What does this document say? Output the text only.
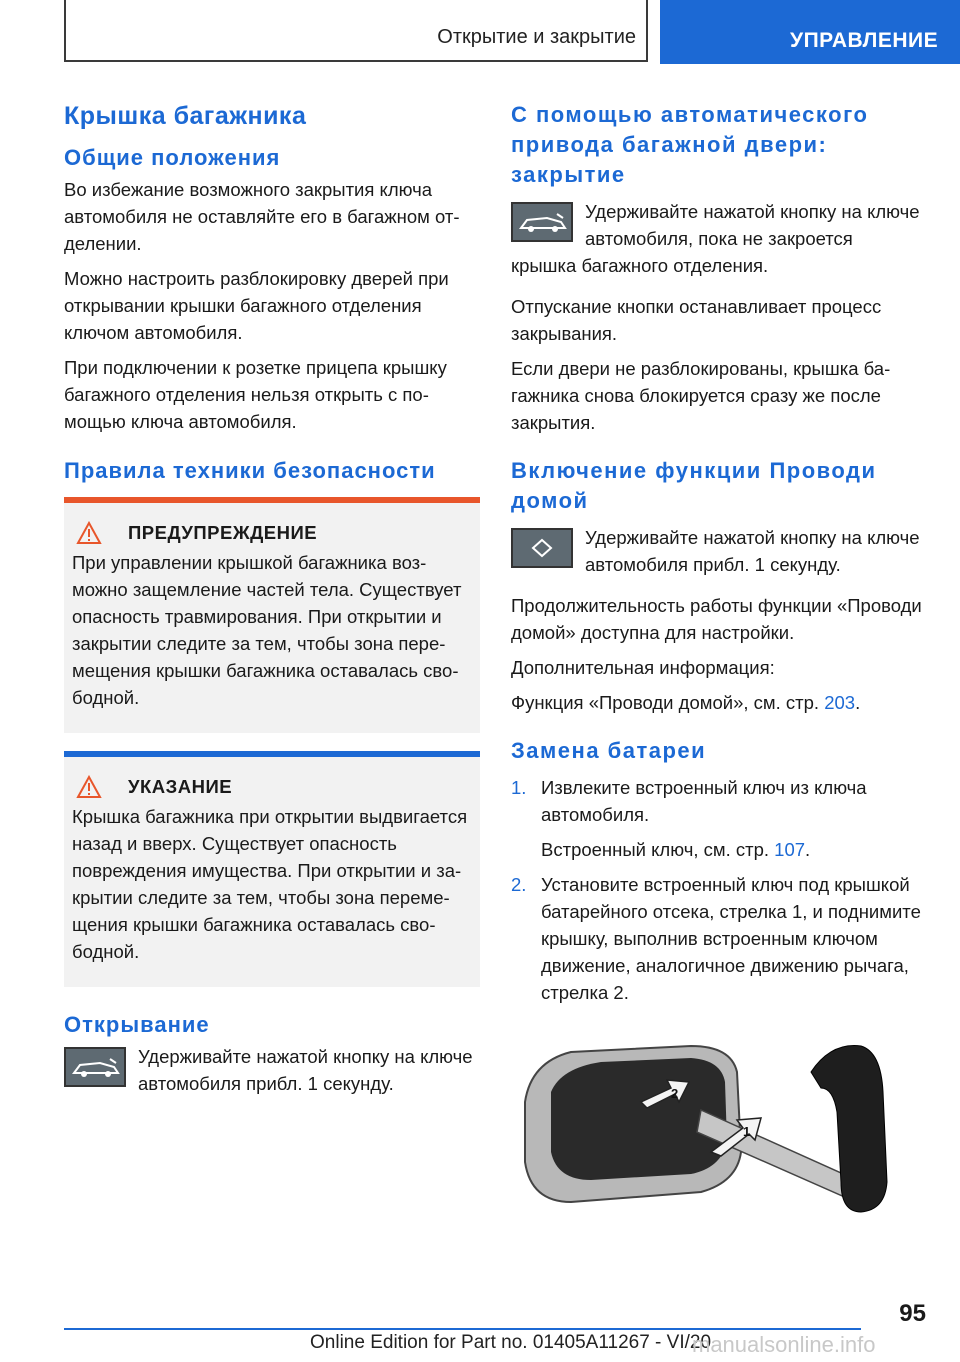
Открытие и закрытие	УПРАВЛЕНИЕ
Крышка багажника
Общие положения

Во избежание возможного закрытия ключа автомобиля не оставляйте его в багажном отделении.

Можно настроить разблокировку дверей при открывании крышки багажного отделения ключом автомобиля.

При подключении к розетке прицепа крышку багажного отделения нельзя открыть с помощью ключа автомобиля.

Правила техники безопасности
ПРЕДУПРЕЖДЕНИЕ

При управлении крышкой багажника возможно защемление частей тела. Существует опасность травмирования. При открытии и закрытии следите за тем, чтобы зона перемещения крышки багажника оставалась свободной.

УКАЗАНИЕ

Крышка багажника при открытии выдвигается назад и вверх. Существует опасность повреждения имущества. При открытии и закрытии следите за тем, чтобы зона перемещения крышки багажника оставалась свободной.

Открывание

Удерживайте нажатой кнопку на ключе автомобиля прибл. 1 секунду.

С помощью автоматического привода багажной двери: закрытие

Удерживайте нажатой кнопку на ключе автомобиля, пока не закроется крышка багажного отделения.

Отпускание кнопки останавливает процесс закрывания.

Если двери не разблокированы, крышка багажника снова блокируется сразу же после закрытия.

Включение функции Проводи домой

Удерживайте нажатой кнопку на ключе автомобиля прибл. 1 секунду.

Продолжительность работы функции «Проводи домой» доступна для настройки.

Дополнительная информация:

Функция «Проводи домой», см. стр. 203.

Замена батареи
1. Извлеките встроенный ключ из ключа автомобиля.
Встроенный ключ, см. стр. 107.
2. Установите встроенный ключ под крышкой батарейного отсека, стрелка 1, и поднимите крышку, выполнив встроенным ключом движение, аналогичное движению рычага, стрелка 2.
2
1
95
Online Edition for Part no. 01405A11267 - VI/20
manualsonline.info
